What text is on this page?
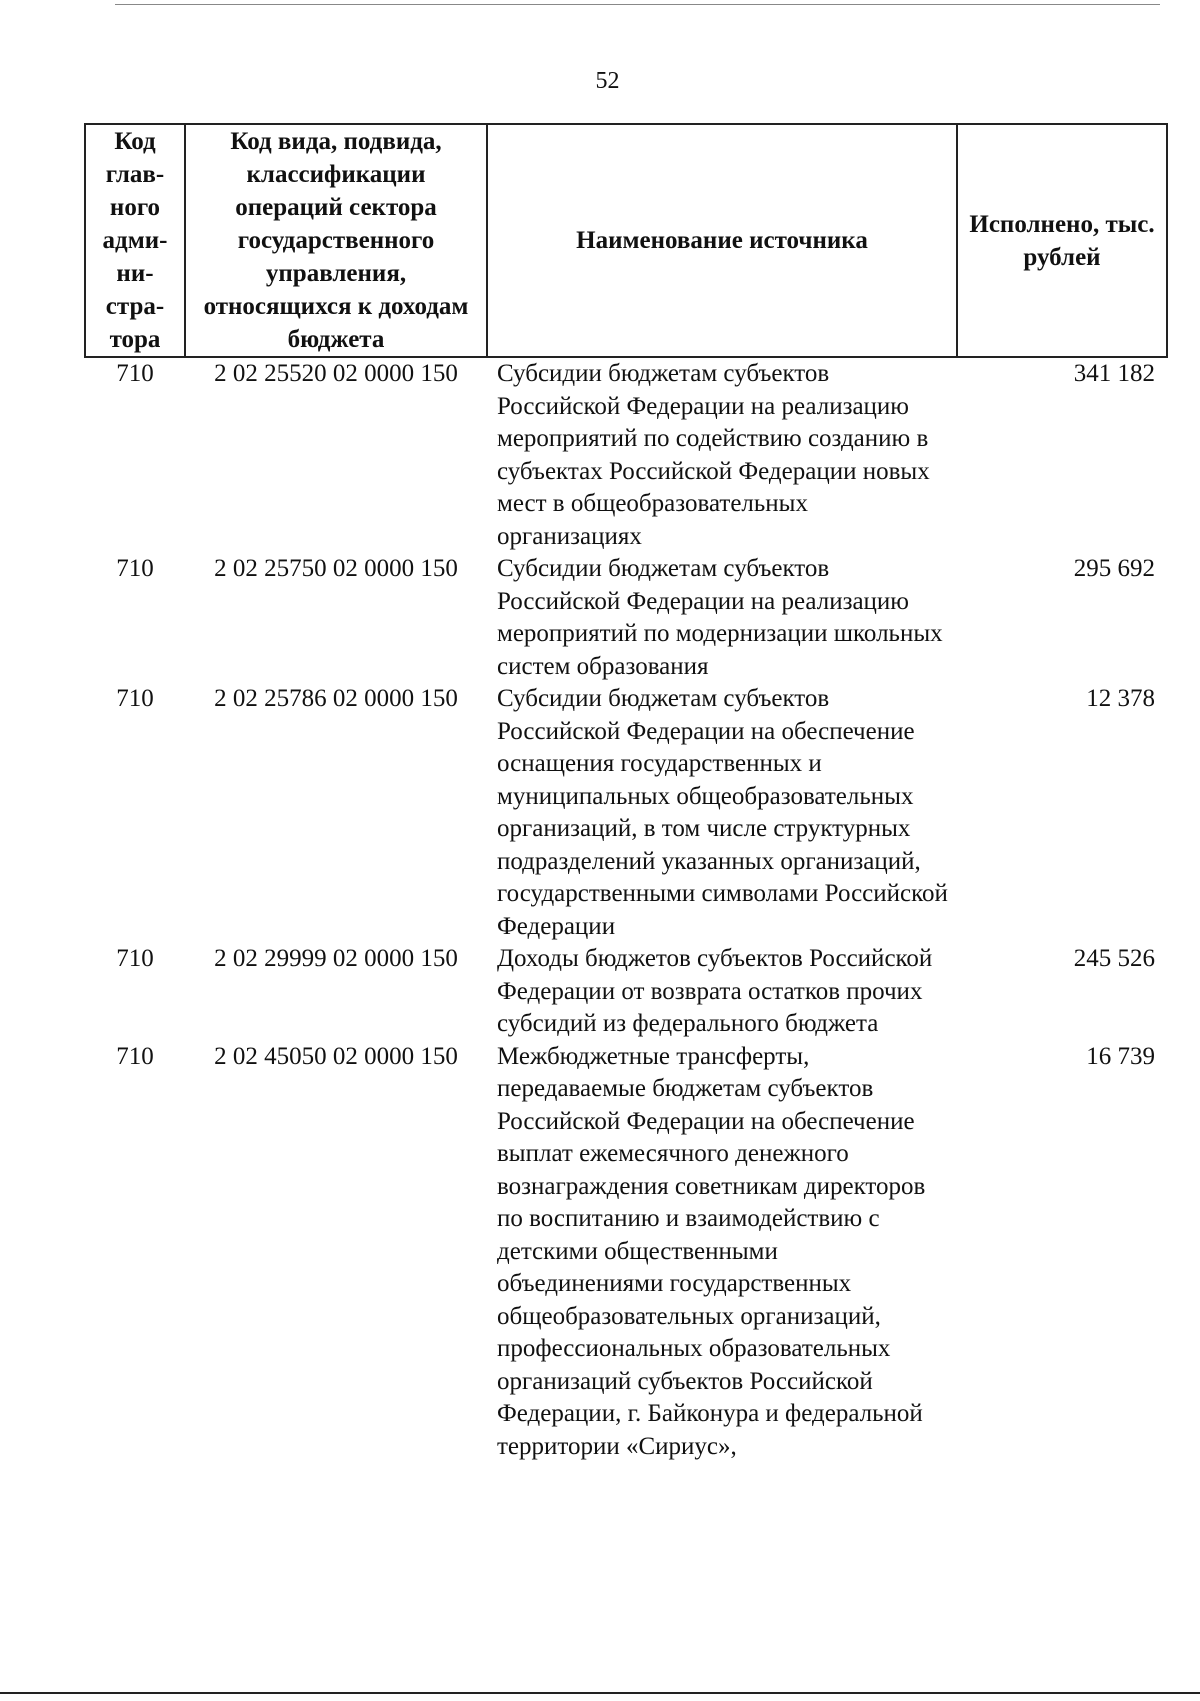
52
Код глав-ного адми-ни-стра-тора	Код вида, подвида, классификации операций сектора государственного управления, относящихся к доходам бюджета	Наименование источника	Исполнено, тыс. рублей
710	2 02 25520 02 0000 150	Субсидии бюджетам субъектов Российской Федерации на реализацию мероприятий по содействию созданию в субъектах Российской Федерации новых мест в общеобразовательных организациях	341 182
710	2 02 25750 02 0000 150	Субсидии бюджетам субъектов Российской Федерации на реализацию мероприятий по модернизации школьных систем образования	295 692
710	2 02 25786 02 0000 150	Субсидии бюджетам субъектов Российской Федерации на обеспечение оснащения государственных и муниципальных общеобразовательных организаций, в том числе структурных подразделений указанных организаций, государственными символами Российской Федерации	12 378
710	2 02 29999 02 0000 150	Доходы бюджетов субъектов Российской Федерации от возврата остатков прочих субсидий из федерального бюджета	245 526
710	2 02 45050 02 0000 150	Межбюджетные трансферты, передаваемые бюджетам субъектов Российской Федерации на обеспечение выплат ежемесячного денежного вознаграждения советникам директоров по воспитанию и взаимодействию с детскими общественными объединениями государственных общеобразовательных организаций, профессиональных образовательных организаций субъектов Российской Федерации, г. Байконура и федеральной территории «Сириус»,	16 739
